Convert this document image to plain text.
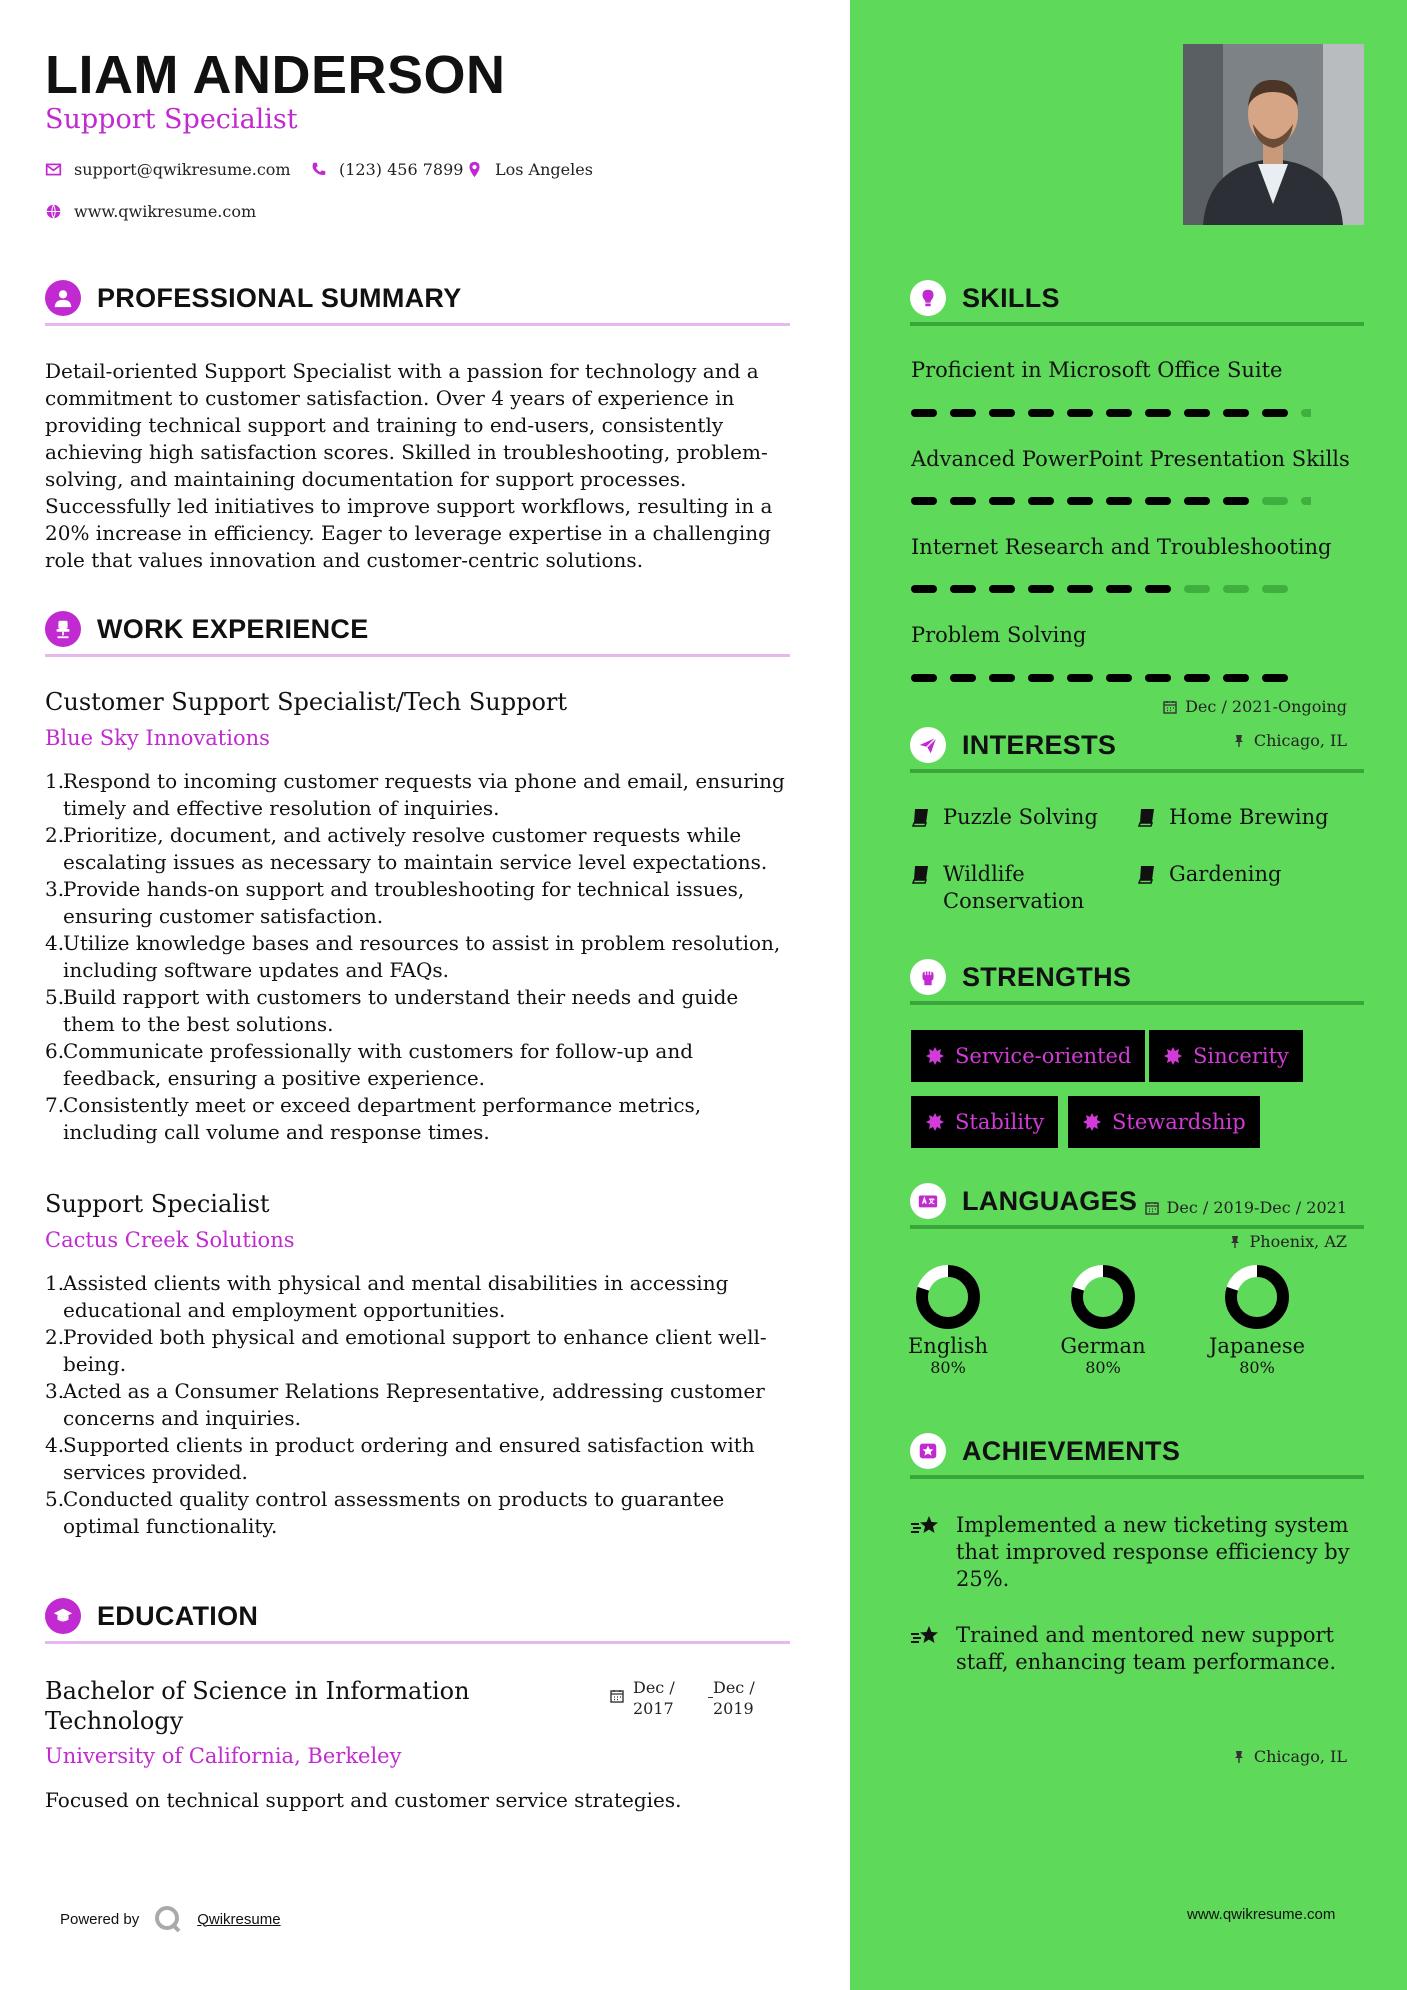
LIAM ANDERSON
Support Specialist
support@qwikresume.com	(123) 456 7899 Los Angeles
www.qwikresume.com
PROFESSIONAL SUMMARY
Detail-oriented Support Specialist with a passion for technology and a commitment to customer satisfaction. Over 4 years of experience in providing technical support and training to end-users, consistently achieving high satisfaction scores. Skilled in troubleshooting, problem-solving, and maintaining documentation for support processes. Successfully led initiatives to improve support workflows, resulting in a 20% increase in efficiency. Eager to leverage expertise in a challenging role that values innovation and customer-centric solutions.
WORK EXPERIENCE
Customer Support Specialist/Tech Support	Dec / 2021-Ongoing
Blue Sky Innovations	Chicago, IL
Respond to incoming customer requests via phone and email, ensuring timely and effective resolution of inquiries.
Prioritize, document, and actively resolve customer requests while escalating issues as necessary to maintain service level expectations.
Provide hands-on support and troubleshooting for technical issues, ensuring customer satisfaction.
Utilize knowledge bases and resources to assist in problem resolution, including software updates and FAQs.
Build rapport with customers to understand their needs and guide them to the best solutions.
Communicate professionally with customers for follow-up and feedback, ensuring a positive experience.
Consistently meet or exceed department performance metrics, including call volume and response times.
Support Specialist	Dec / 2019-Dec / 2021
Cactus Creek Solutions	Phoenix, AZ
Assisted clients with physical and mental disabilities in accessing educational and employment opportunities.
Provided both physical and emotional support to enhance client well-being.
Acted as a Consumer Relations Representative, addressing customer concerns and inquiries.
Supported clients in product ordering and ensured satisfaction with services provided.
Conducted quality control assessments on products to guarantee optimal functionality.
EDUCATION
Bachelor of Science in Information Technology
Dec /
2017
Dec /
2019
University of California, Berkeley	Chicago, IL
Focused on technical support and customer service strategies.
Powered by	Qwikresume
SKILLS
Proficient in Microsoft Office Suite
Advanced PowerPoint Presentation Skills
Internet Research and Troubleshooting
Problem Solving
INTERESTS
Puzzle Solving	Home Brewing
Wildlife Conservation
Gardening
STRENGTHS
Service-oriented	Sincerity
Stability	Stewardship
LANGUAGES
English
80%
German
80%
Japanese
80%
ACHIEVEMENTS
Implemented a new ticketing system that improved response efficiency by 25%.
Trained and mentored new support staff, enhancing team performance.
www.qwikresume.com
